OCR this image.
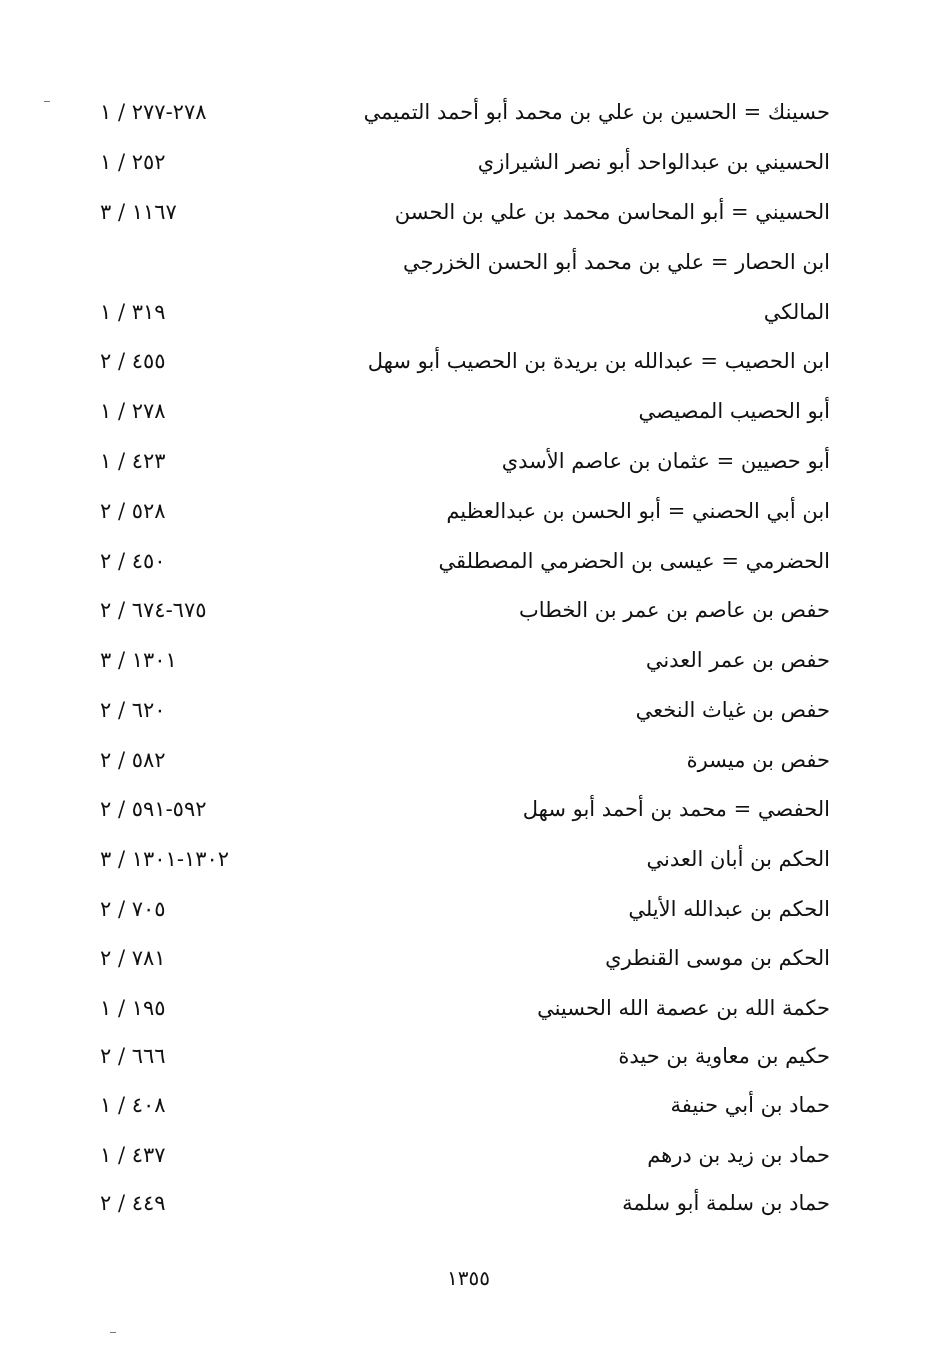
حسينك = الحسين بن علي بن محمد أبو أحمد التميمي
٢٧٨-٢٧٧ / ١
الحسيني بن عبدالواحد أبو نصر الشيرازي
٢٥٢ / ١
الحسيني = أبو المحاسن محمد بن علي بن الحسن
١١٦٧ / ٣
ابن الحصار = علي بن محمد أبو الحسن الخزرجي
المالكي
٣١٩ / ١
ابن الحصيب = عبدالله بن بريدة بن الحصيب أبو سهل
٤٥٥ / ٢
أبو الحصيب المصيصي
٢٧٨ / ١
أبو حصيين = عثمان بن عاصم الأسدي
٤٢٣ / ١
ابن أبي الحصني = أبو الحسن بن عبدالعظيم
٥٢٨ / ٢
الحضرمي = عيسى بن الحضرمي المصطلقي
٤٥٠ / ٢
حفص بن عاصم بن عمر بن الخطاب
٦٧٥-٦٧٤ / ٢
حفص بن عمر العدني
١٣٠١ / ٣
حفص بن غياث النخعي
٦٢٠ / ٢
حفص بن ميسرة
٥٨٢ / ٢
الحفصي = محمد بن أحمد أبو سهل
٥٩٢-٥٩١ / ٢
الحكم بن أبان العدني
١٣٠٢-١٣٠١ / ٣
الحكم بن عبدالله الأيلي
٧٠٥ / ٢
الحكم بن موسى القنطري
٧٨١ / ٢
حكمة الله بن عصمة الله الحسيني
١٩٥ / ١
حكيم بن معاوية بن حيدة
٦٦٦ / ٢
حماد بن أبي حنيفة
٤٠٨ / ١
حماد بن زيد بن درهم
٤٣٧ / ١
حماد بن سلمة أبو سلمة
٤٤٩ / ٢
١٣٥٥
